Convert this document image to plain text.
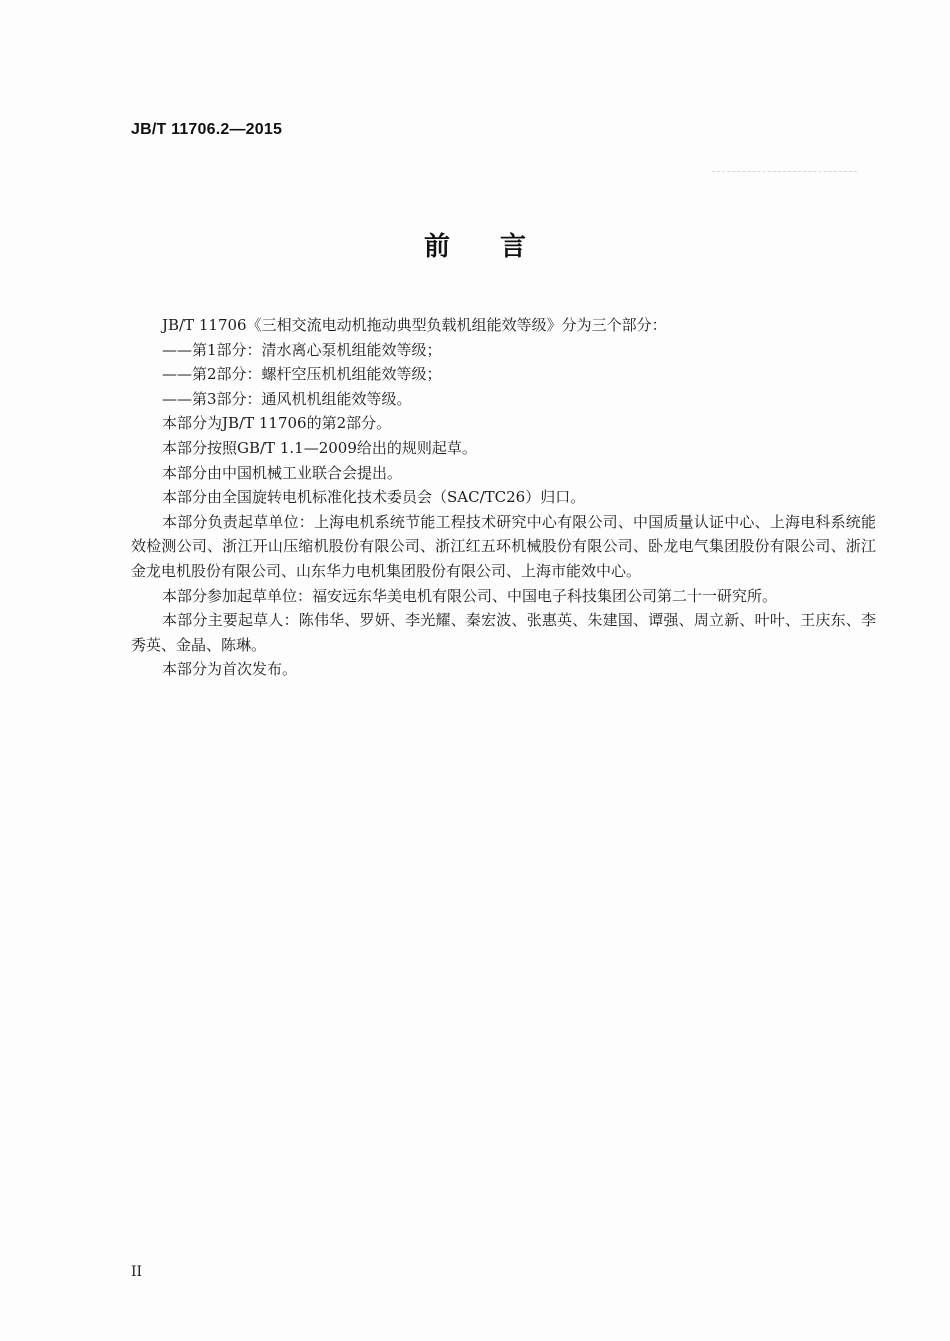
JB/T 11706.2—2015
前言

JB/T 11706《三相交流电动机拖动典型负载机组能效等级》分为三个部分：

——第1部分：清水离心泵机组能效等级；

——第2部分：螺杆空压机机组能效等级；

——第3部分：通风机机组能效等级。

本部分为JB/T 11706的第2部分。

本部分按照GB/T 1.1—2009给出的规则起草。

本部分由中国机械工业联合会提出。

本部分由全国旋转电机标准化技术委员会（SAC/TC26）归口。

本部分负责起草单位：上海电机系统节能工程技术研究中心有限公司、中国质量认证中心、上海电科系统能效检测公司、浙江开山压缩机股份有限公司、浙江红五环机械股份有限公司、卧龙电气集团股份有限公司、浙江金龙电机股份有限公司、山东华力电机集团股份有限公司、上海市能效中心。

本部分参加起草单位：福安远东华美电机有限公司、中国电子科技集团公司第二十一研究所。

本部分主要起草人：陈伟华、罗妍、李光耀、秦宏波、张惠英、朱建国、谭强、周立新、叶叶、王庆东、李秀英、金晶、陈琳。

本部分为首次发布。

II
